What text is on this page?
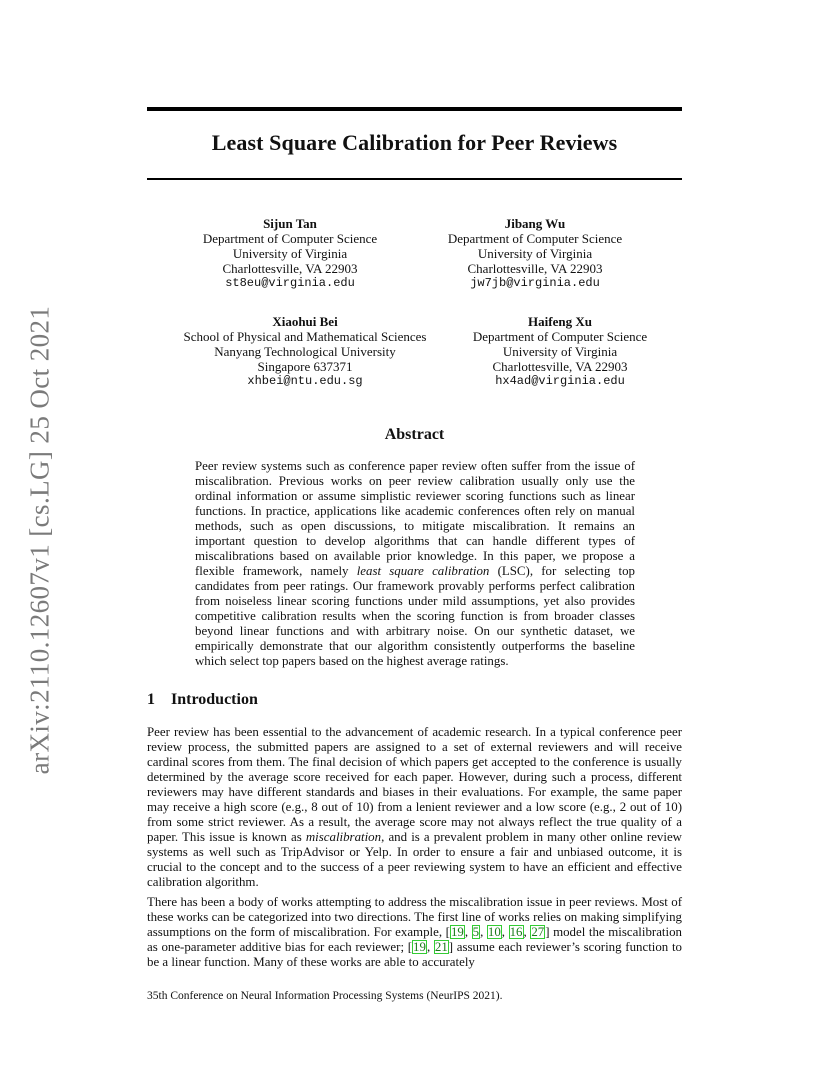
arXiv:2110.12607v1 [cs.LG] 25 Oct 2021
Least Square Calibration for Peer Reviews
Sijun Tan
Department of Computer Science
University of Virginia
Charlottesville, VA 22903
st8eu@virginia.edu
Jibang Wu
Department of Computer Science
University of Virginia
Charlottesville, VA 22903
jw7jb@virginia.edu
Xiaohui Bei
School of Physical and Mathematical Sciences
Nanyang Technological University
Singapore 637371
xhbei@ntu.edu.sg
Haifeng Xu
Department of Computer Science
University of Virginia
Charlottesville, VA 22903
hx4ad@virginia.edu
Abstract
Peer review systems such as conference paper review often suffer from the issue of miscalibration. Previous works on peer review calibration usually only use the ordinal information or assume simplistic reviewer scoring functions such as linear functions. In practice, applications like academic conferences often rely on manual methods, such as open discussions, to mitigate miscalibration. It remains an important question to develop algorithms that can handle different types of miscalibrations based on available prior knowledge. In this paper, we propose a flexible framework, namely least square calibration (LSC), for selecting top candidates from peer ratings. Our framework provably performs perfect calibration from noiseless linear scoring functions under mild assumptions, yet also provides competitive calibration results when the scoring function is from broader classes beyond linear functions and with arbitrary noise. On our synthetic dataset, we empirically demonstrate that our algorithm consistently outperforms the baseline which select top papers based on the highest average ratings.
1 Introduction
Peer review has been essential to the advancement of academic research. In a typical conference peer review process, the submitted papers are assigned to a set of external reviewers and will receive cardinal scores from them. The final decision of which papers get accepted to the conference is usually determined by the average score received for each paper. However, during such a process, different reviewers may have different standards and biases in their evaluations. For example, the same paper may receive a high score (e.g., 8 out of 10) from a lenient reviewer and a low score (e.g., 2 out of 10) from some strict reviewer. As a result, the average score may not always reflect the true quality of a paper. This issue is known as miscalibration, and is a prevalent problem in many other online review systems as well such as TripAdvisor or Yelp. In order to ensure a fair and unbiased outcome, it is crucial to the concept and to the success of a peer reviewing system to have an efficient and effective calibration algorithm.
There has been a body of works attempting to address the miscalibration issue in peer reviews. Most of these works can be categorized into two directions. The first line of works relies on making simplifying assumptions on the form of miscalibration. For example, [19, 5, 10, 16, 27] model the miscalibration as one-parameter additive bias for each reviewer; [19, 21] assume each reviewer’s scoring function to be a linear function. Many of these works are able to accurately
35th Conference on Neural Information Processing Systems (NeurIPS 2021).
